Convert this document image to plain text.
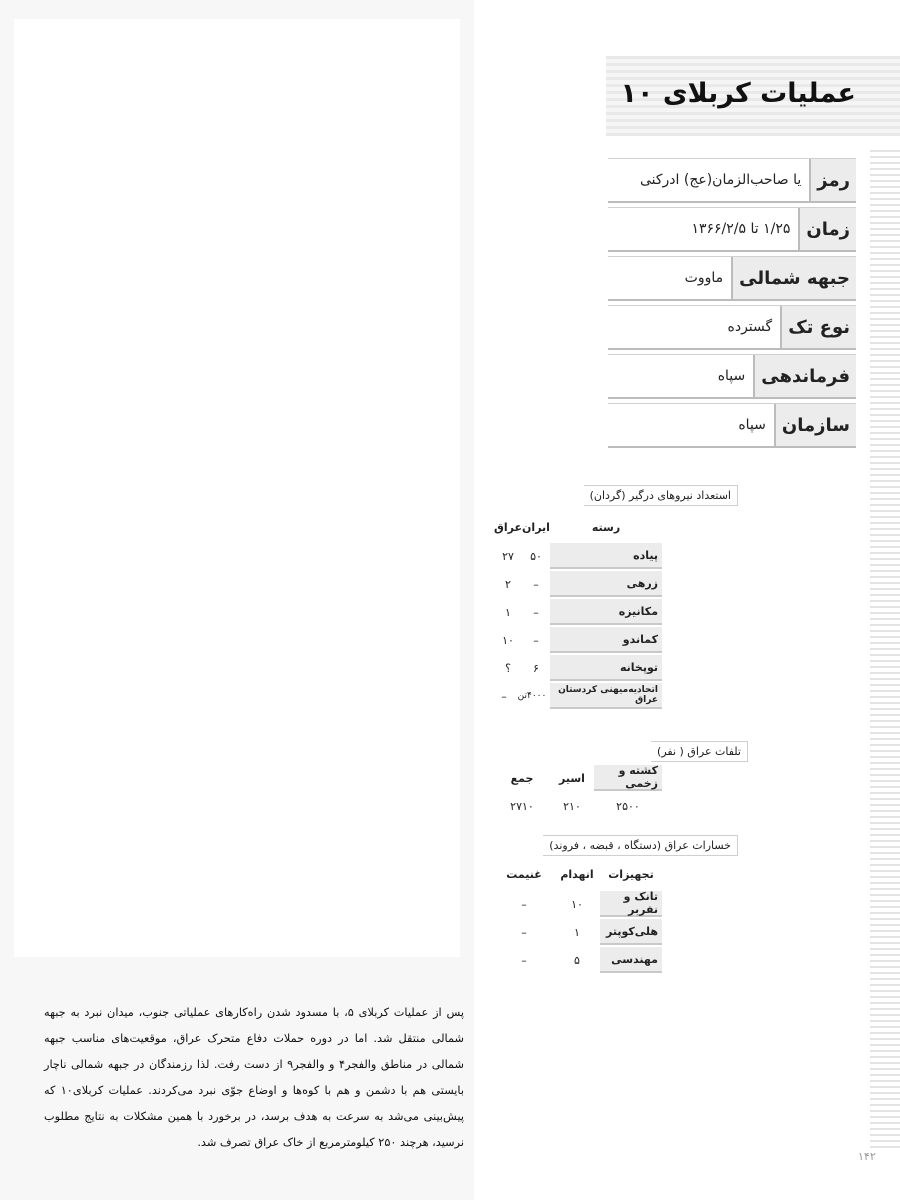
عملیات کربلای ۱۰
رمز
یا صاحب‌الزمان(عج) ادرکنی
زمان
۱/۲۵ تا ۱۳۶۶/۲/۵
جبهه شمالی
ماووت
نوع تک
گسترده
فرماندهی
سپاه
سازمان
سپاه
استعداد نیروهای درگیر (گردان)
رسته
ایران
عراق
پیاده
۵۰
۲۷
زرهی
–
۲
مکانیزه
–
۱
کماندو
–
۱۰
توپخانه
۶
؟
اتحادیه‌میهنی کردستان عراق
۴۰۰۰تن
–
تلفات عراق ( نفر)
کشته و زخمی
اسیر
جمع
۲۵۰۰
۲۱۰
۲۷۱۰
خسارات عراق (دستگاه ، قبضه ، فروند)
تجهیزات
انهدام
غنیمت
تانک و نفربر
۱۰
–
هلی‌کوپتر
۱
–
مهندسی
۵
–
پس از عملیات کربلای ۵، با مسدود شدن راه‌کارهای عملیاتی جنوب، میدان نبرد به جبهه شمالی منتقل شد. اما در دوره حملات دفاع متحرک عراق، موقعیت‌های مناسب جبهه شمالی در مناطق والفجر۴ و والفجر۹ از دست رفت. لذا رزمندگان در جبهه شمالی ناچار بایستی هم با دشمن و هم با کوه‌ها و اوضاع جوّی نبرد می‌کردند. عملیات کربلای۱۰ که پیش‌بینی می‌شد به سرعت به هدف برسد، در برخورد با همین مشکلات به نتایج مطلوب نرسید، هرچند ۲۵۰ کیلومترمربع از خاک عراق تصرف شد.
۱۴۲
